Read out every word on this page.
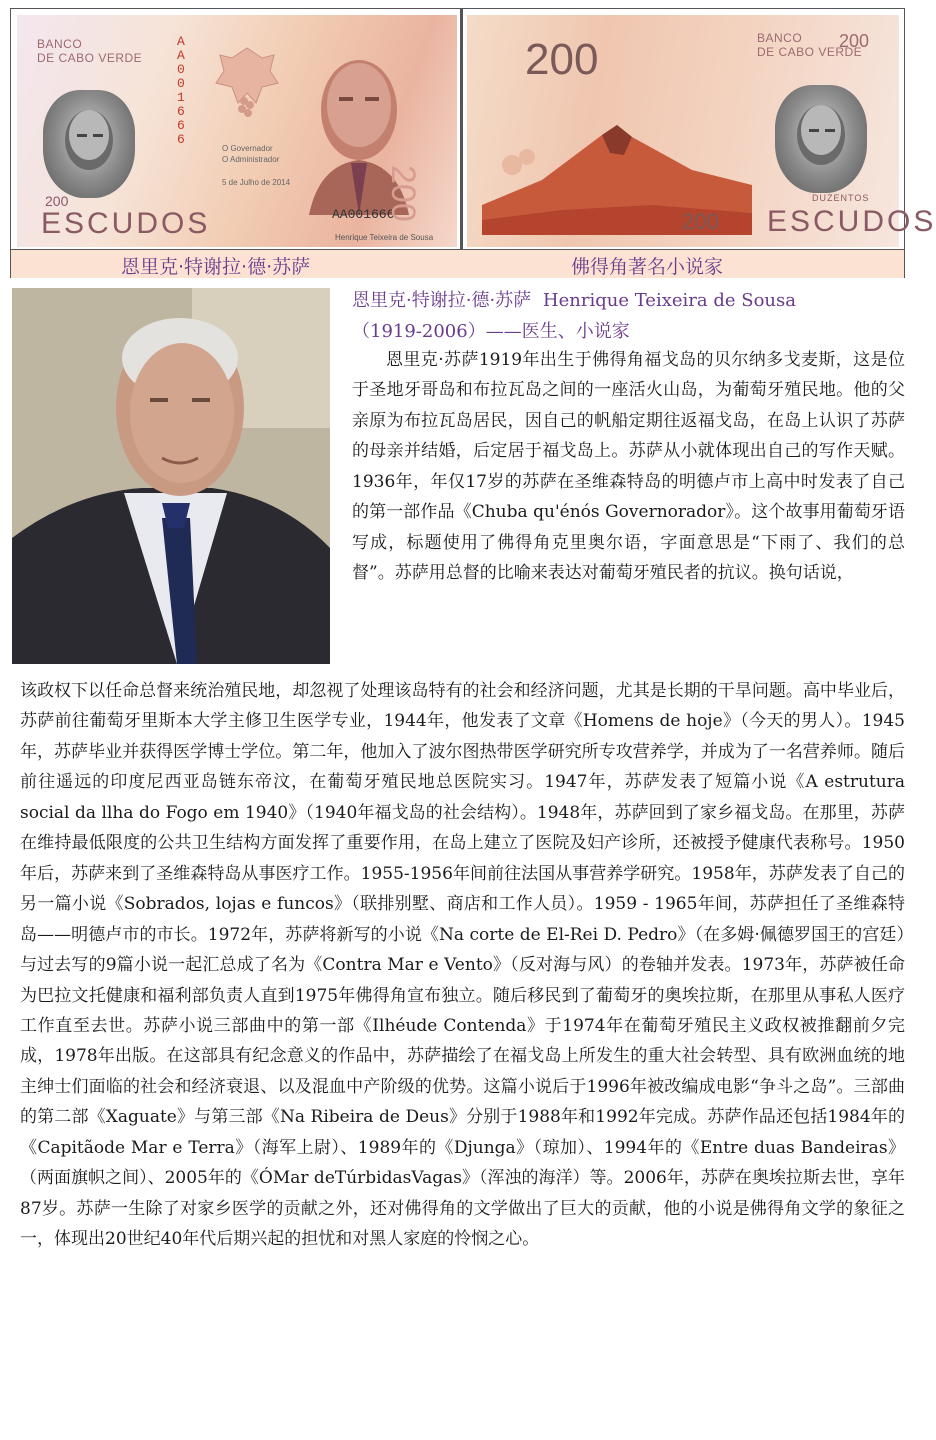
BANCO
DE CABO VERDE
200
ESCUDOS
AA001666
O Governador
O Administrador
5 de Julho de 2014
Henrique Teixeira de Sousa
AA001666
200
200
200
BANCO
DE CABO VERDE
200
DUZENTOS
ESCUDOS
恩里克·特谢拉·德·苏萨	佛得角著名小说家
恩里克·特谢拉·德·苏萨 Henrique Teixeira de Sousa
（1919-2006）——医生、小说家

恩里克·苏萨1919年出生于佛得角福戈岛的贝尔纳多戈麦斯，这是位于圣地牙哥岛和布拉瓦岛之间的一座活火山岛，为葡萄牙殖民地。他的父亲原为布拉瓦岛居民，因自己的帆船定期往返福戈岛，在岛上认识了苏萨的母亲并结婚，后定居于福戈岛上。苏萨从小就体现出自己的写作天赋。1936年，年仅17岁的苏萨在圣维森特岛的明德卢市上高中时发表了自己的第一部作品《Chuba qu'énós Governorador》。这个故事用葡萄牙语写成，标题使用了佛得角克里奥尔语，字面意思是“下雨了、我们的总督”。苏萨用总督的比喻来表达对葡萄牙殖民者的抗议。换句话说，

该政权下以任命总督来统治殖民地，却忽视了处理该岛特有的社会和经济问题，尤其是长期的干旱问题。高中毕业后，苏萨前往葡萄牙里斯本大学主修卫生医学专业，1944年，他发表了文章《Homens de hoje》（今天的男人）。1945年，苏萨毕业并获得医学博士学位。第二年，他加入了波尔图热带医学研究所专攻营养学，并成为了一名营养师。随后前往遥远的印度尼西亚岛链东帝汶，在葡萄牙殖民地总医院实习。1947年，苏萨发表了短篇小说《A estrutura social da llha do Fogo em 1940》（1940年福戈岛的社会结构）。1948年，苏萨回到了家乡福戈岛。在那里，苏萨在维持最低限度的公共卫生结构方面发挥了重要作用，在岛上建立了医院及妇产诊所，还被授予健康代表称号。1950年后，苏萨来到了圣维森特岛从事医疗工作。1955-1956年间前往法国从事营养学研究。1958年，苏萨发表了自己的另一篇小说《Sobrados, lojas e funcos》（联排别墅、商店和工作人员）。1959 - 1965年间，苏萨担任了圣维森特岛——明德卢市的市长。1972年，苏萨将新写的小说《Na corte de El-Rei D. Pedro》（在多姆·佩德罗国王的宫廷）与过去写的9篇小说一起汇总成了名为《Contra Mar e Vento》（反对海与风）的卷轴并发表。1973年，苏萨被任命为巴拉文托健康和福利部负责人直到1975年佛得角宣布独立。随后移民到了葡萄牙的奥埃拉斯，在那里从事私人医疗工作直至去世。苏萨小说三部曲中的第一部《Ilhéude Contenda》于1974年在葡萄牙殖民主义政权被推翻前夕完成，1978年出版。在这部具有纪念意义的作品中，苏萨描绘了在福戈岛上所发生的重大社会转型、具有欧洲血统的地主绅士们面临的社会和经济衰退、以及混血中产阶级的优势。这篇小说后于1996年被改编成电影“争斗之岛”。三部曲的第二部《Xaguate》与第三部《Na Ribeira de Deus》分别于1988年和1992年完成。苏萨作品还包括1984年的《Capitãode Mar e Terra》（海军上尉）、1989年的《Djunga》（琼加）、1994年的《Entre duas Bandeiras》（两面旗帜之间）、2005年的《ÓMar deTúrbidasVagas》（浑浊的海洋）等。2006年，苏萨在奥埃拉斯去世，享年87岁。苏萨一生除了对家乡医学的贡献之外，还对佛得角的文学做出了巨大的贡献，他的小说是佛得角文学的象征之一，体现出20世纪40年代后期兴起的担忧和对黑人家庭的怜悯之心。
